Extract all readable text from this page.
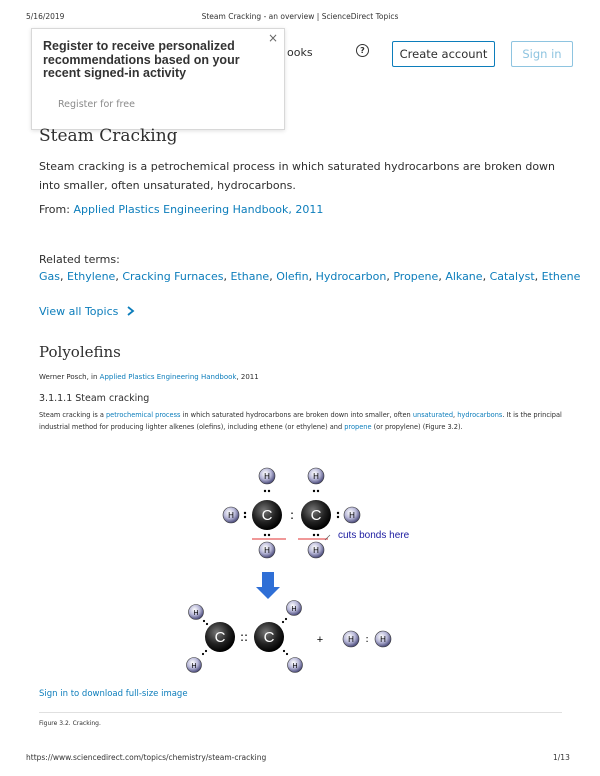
5/16/2019	Steam Cracking - an overview | ScienceDirect Topics
ooks	?	Create account	Sign in
Register to receive personalized recommendations based on your recent signed-in activity
×
Register for free
Steam Cracking
Steam cracking is a petrochemical process in which saturated hydrocarbons are broken down into smaller, often unsaturated, hydrocarbons.
From: Applied Plastics Engineering Handbook, 2011
Related terms:
Gas, Ethylene, Cracking Furnaces, Ethane, Olefin, Hydrocarbon, Propene, Alkane, Catalyst, Ethene
View all Topics
Polyolefins
Werner Posch, in Applied Plastics Engineering Handbook, 2011
3.1.1.1 Steam cracking
Steam cracking is a petrochemical process in which saturated hydrocarbons are broken down into smaller, often unsaturated, hydrocarbons. It is the principal industrial method for producing lighter alkenes (olefins), including ethene (or ethylene) and propene (or propylene) (Figure 3.2).
C	C
:
H	H
H	H
H	H
cuts bonds here
C	C
::
H
H
H	H
+	H	H
:
Sign in to download full-size image
Figure 3.2. Cracking.
https://www.sciencedirect.com/topics/chemistry/steam-cracking	1/13
